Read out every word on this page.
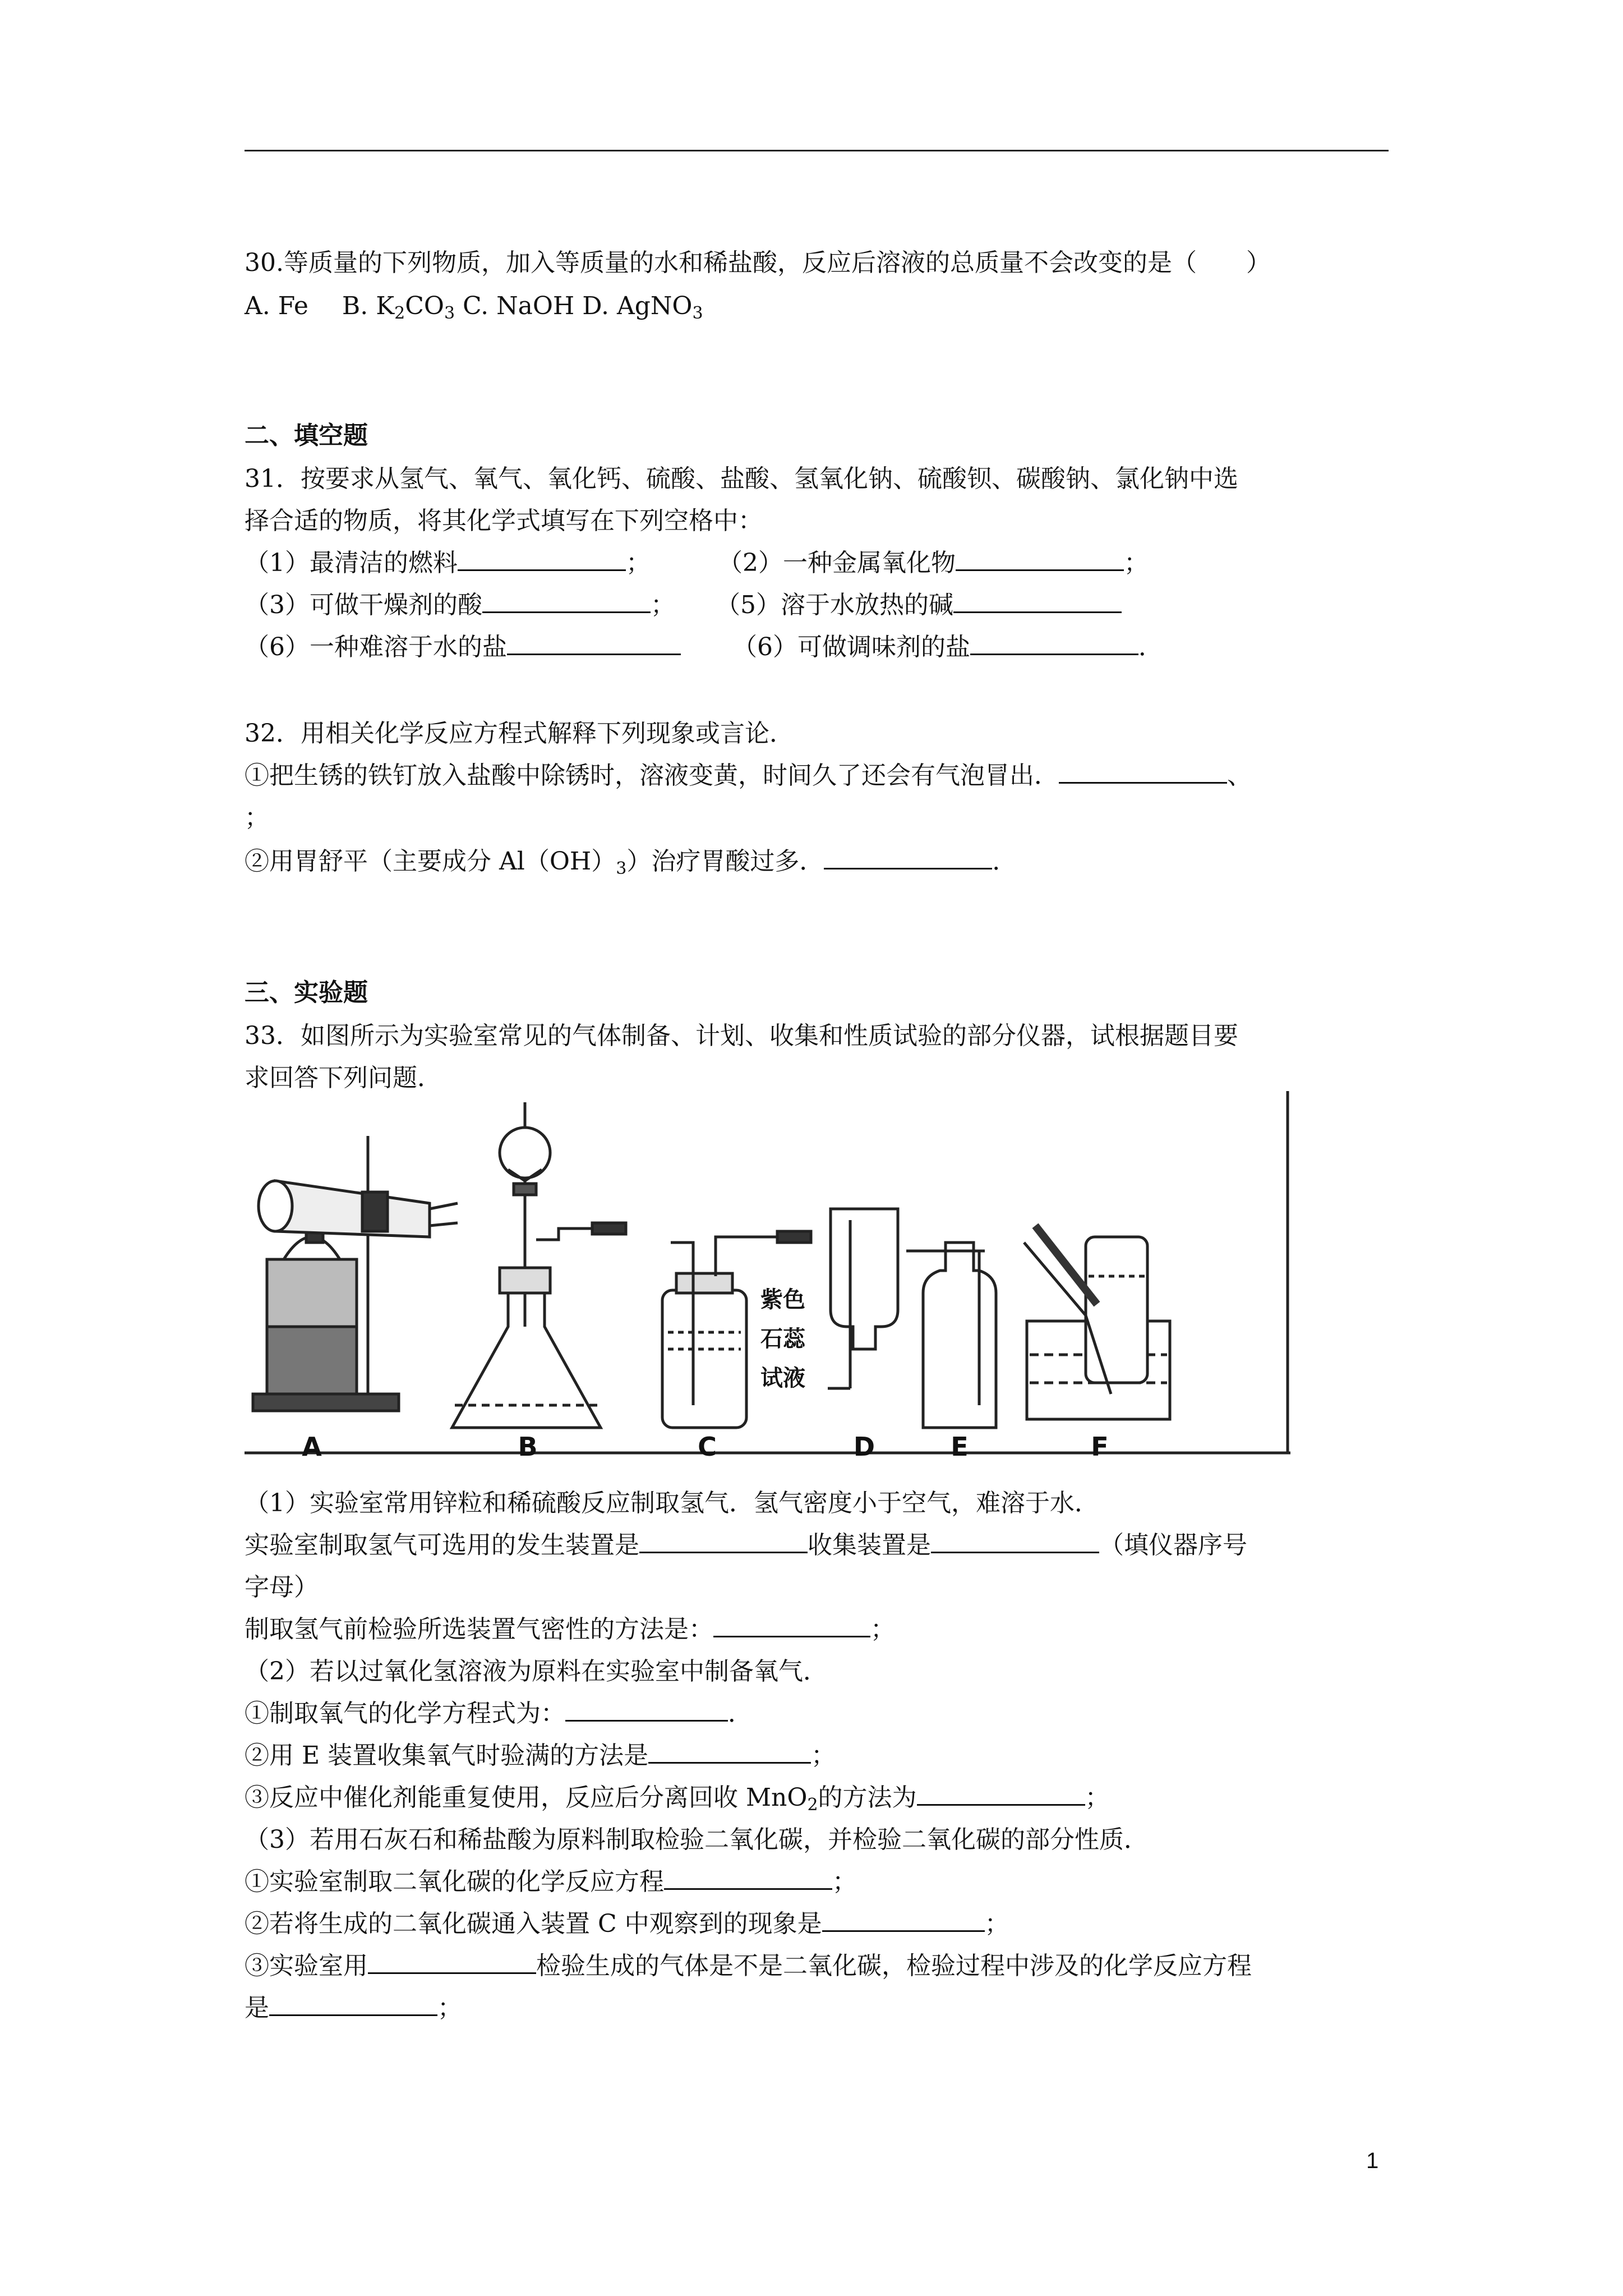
30.等质量的下列物质，加入等质量的水和稀盐酸，反应后溶液的总质量不会改变的是（　　）
A. Fe B. $K_2CO_3$ C. NaOH D. AgNO$_3$
二、填空题
31．按要求从氢气、氧气、氧化钙、硫酸、盐酸、氢氧化钠、硫酸钡、碳酸钠、氯化钠中选
择合适的物质，将其化学式填写在下列空格中：
（1）最清洁的燃料	；	（2）一种金属氧化物	；
（3）可做干燥剂的酸	； （5）溶于水放热的碱
（6）一种难溶于水的盐	（6）可做调味剂的盐	．
32．用相关化学反应方程式解释下列现象或言论．
①把生锈的铁钉放入盐酸中除锈时，溶液变黄，时间久了还会有气泡冒出．	、
；
②用胃舒平（主要成分 $Al(OH)_3$）治疗胃酸过多．	．
三、实验题
33．如图所示为实验室常见的气体制备、计划、收集和性质试验的部分仪器，试根据题目要
求回答下列问题．
紫色
石蕊
试液
A	B	C	D	E	F
（1）实验室常用锌粒和稀硫酸反应制取氢气．氢气密度小于空气，难溶于水．
实验室制取氢气可选用的发生装置是	收集装置是	（填仪器序号
字母）
制取氢气前检验所选装置气密性的方法是：	；
（2）若以过氧化氢溶液为原料在实验室中制备氧气．
①制取氧气的化学方程式为：	．
②用 E 装置收集氧气时验满的方法是	；
③反应中催化剂能重复使用，反应后分离回收 MnO$_2$的方法为	；
（3）若用石灰石和稀盐酸为原料制取检验二氧化碳，并检验二氧化碳的部分性质．
①实验室制取二氧化碳的化学反应方程	；
②若将生成的二氧化碳通入装置 C 中观察到的现象是	；
③实验室用	检验生成的气体是不是二氧化碳，检验过程中涉及的化学反应方程
是	；
1
